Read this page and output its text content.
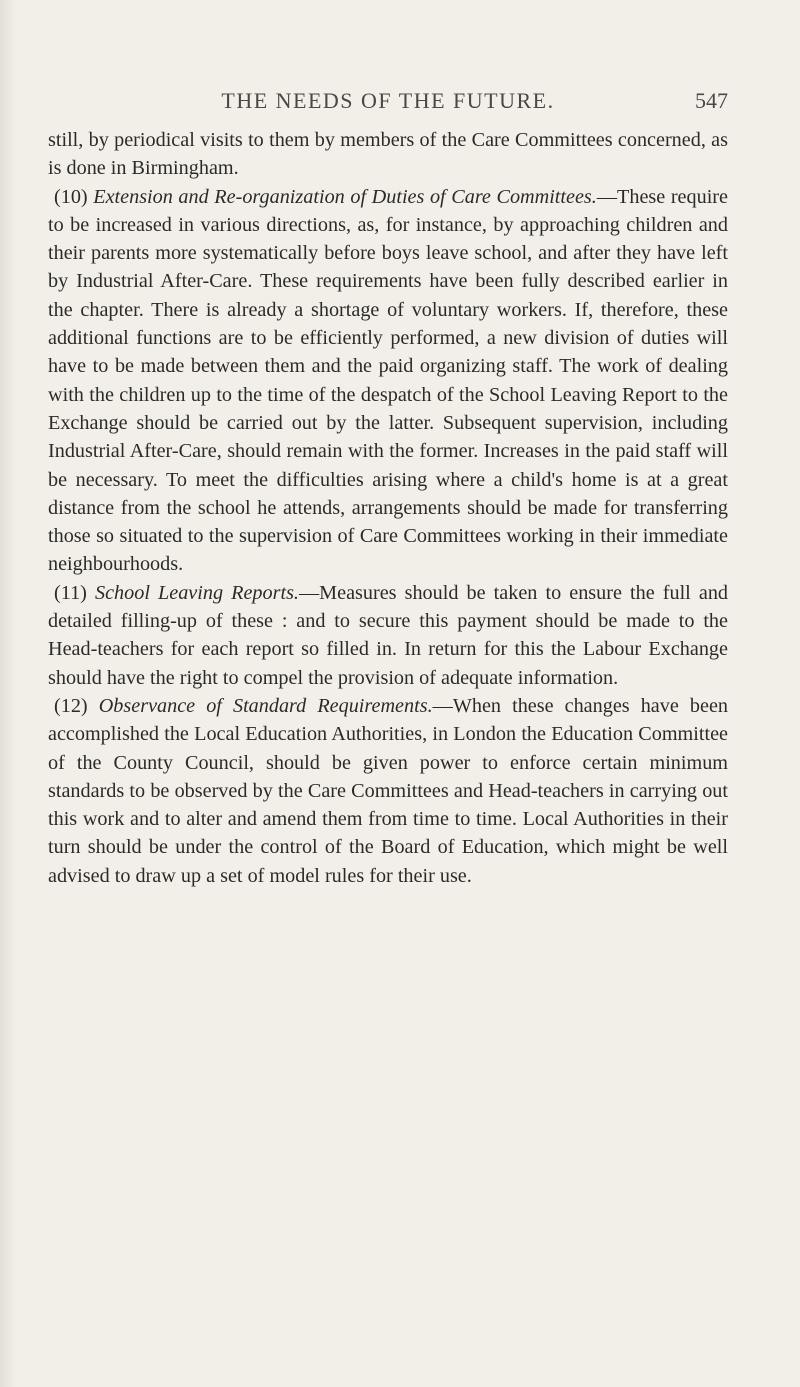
THE NEEDS OF THE FUTURE.	547

still, by periodical visits to them by members of the Care Committees concerned, as is done in Birmingham.

(10) Extension and Re-organization of Duties of Care Committees.—These require to be increased in various directions, as, for instance, by approaching children and their parents more systematically before boys leave school, and after they have left by Industrial After-Care. These requirements have been fully described earlier in the chapter. There is already a shortage of voluntary workers. If, therefore, these additional functions are to be efficiently performed, a new division of duties will have to be made between them and the paid organizing staff. The work of dealing with the children up to the time of the despatch of the School Leaving Report to the Exchange should be carried out by the latter. Subsequent supervision, including Industrial After-Care, should remain with the former. Increases in the paid staff will be necessary. To meet the difficulties arising where a child's home is at a great distance from the school he attends, arrangements should be made for transferring those so situated to the supervision of Care Committees working in their immediate neighbourhoods.

(11) School Leaving Reports.—Measures should be taken to ensure the full and detailed filling-up of these : and to secure this payment should be made to the Head-teachers for each report so filled in. In return for this the Labour Exchange should have the right to compel the provision of adequate information.

(12) Observance of Standard Requirements.—When these changes have been accomplished the Local Education Authorities, in London the Education Committee of the County Council, should be given power to enforce certain minimum standards to be observed by the Care Committees and Head-teachers in carrying out this work and to alter and amend them from time to time. Local Authorities in their turn should be under the control of the Board of Education, which might be well advised to draw up a set of model rules for their use.
